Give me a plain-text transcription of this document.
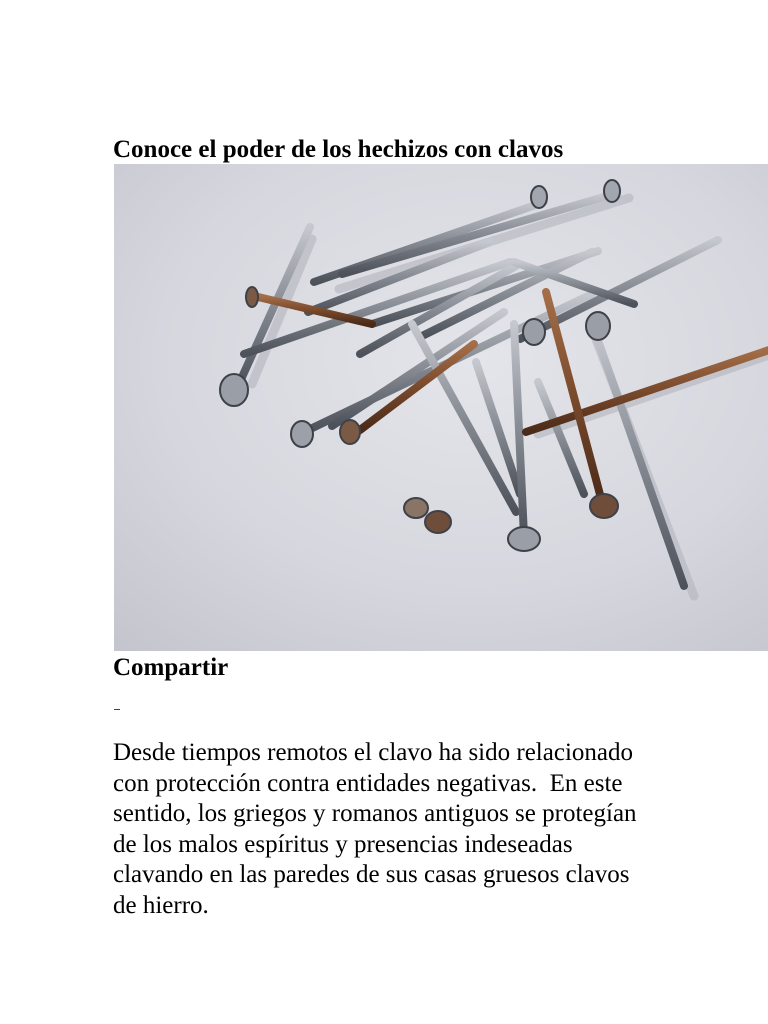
Conoce el poder de los hechizos con clavos
Compartir
Desde tiempos remotos el clavo ha sido relacionado
con protección contra entidades negativas.  En este
sentido, los griegos y romanos antiguos se protegían
de los malos espíritus y presencias indeseadas
clavando en las paredes de sus casas gruesos clavos
de hierro.
